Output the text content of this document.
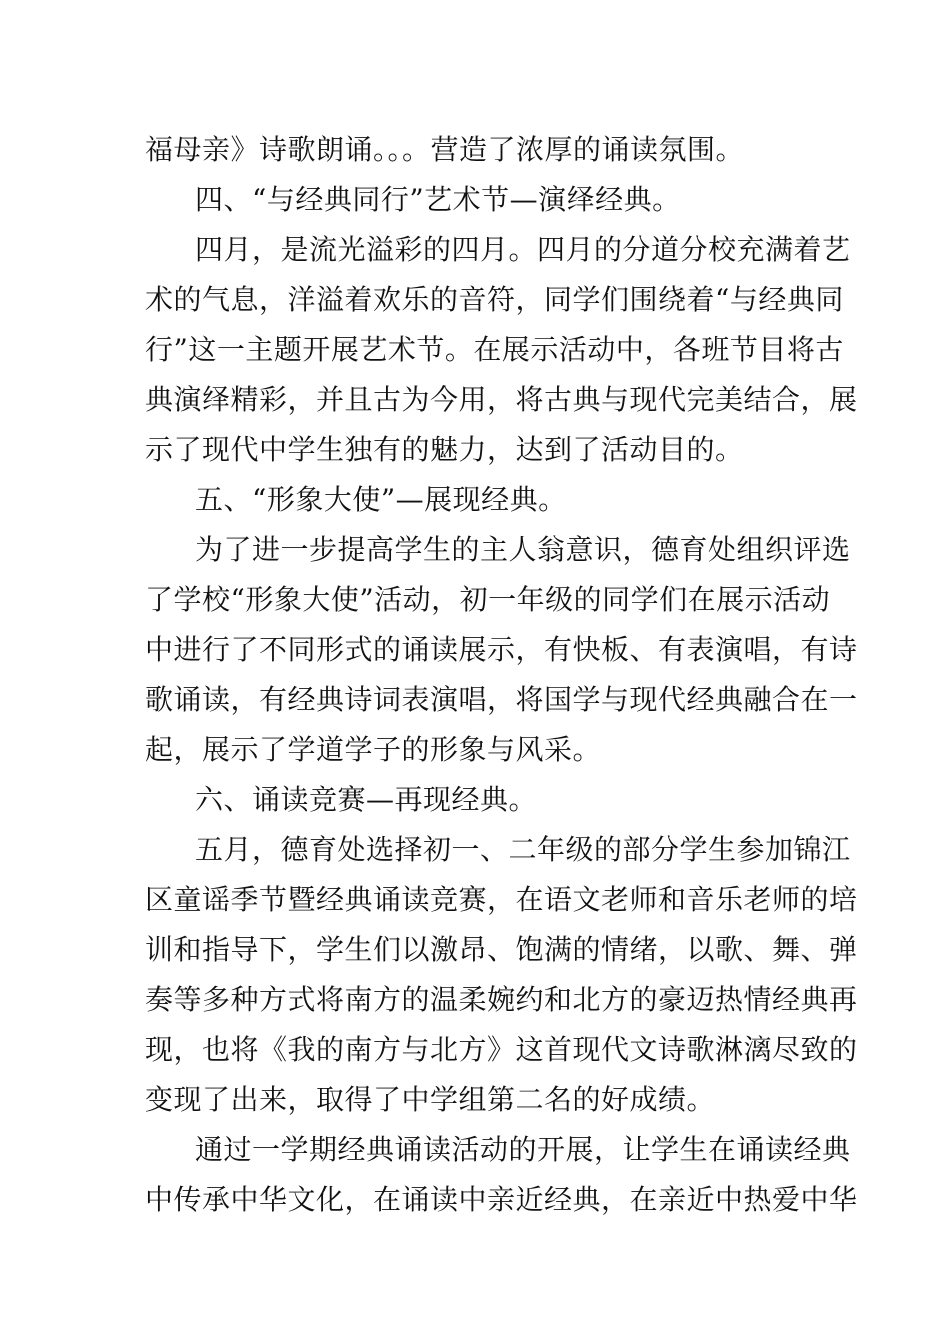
福母亲》诗歌朗诵。。。营造了浓厚的诵读氛围。
四、“与经典同行”艺术节—演绎经典。
四月，是流光溢彩的四月。四月的分道分校充满着艺
术的气息，洋溢着欢乐的音符，同学们围绕着“与经典同
行”这一主题开展艺术节。在展示活动中，各班节目将古
典演绎精彩，并且古为今用，将古典与现代完美结合，展
示了现代中学生独有的魅力，达到了活动目的。
五、“形象大使”—展现经典。
为了进一步提高学生的主人翁意识，德育处组织评选
了学校“形象大使”活动，初一年级的同学们在展示活动
中进行了不同形式的诵读展示，有快板、有表演唱，有诗
歌诵读，有经典诗词表演唱，将国学与现代经典融合在一
起，展示了学道学子的形象与风采。
六、诵读竞赛—再现经典。
五月，德育处选择初一、二年级的部分学生参加锦江
区童谣季节暨经典诵读竞赛，在语文老师和音乐老师的培
训和指导下，学生们以激昂、饱满的情绪，以歌、舞、弹
奏等多种方式将南方的温柔婉约和北方的豪迈热情经典再
现，也将《我的南方与北方》这首现代文诗歌淋漓尽致的
变现了出来，取得了中学组第二名的好成绩。
通过一学期经典诵读活动的开展，让学生在诵读经典
中传承中华文化，在诵读中亲近经典，在亲近中热爱中华
